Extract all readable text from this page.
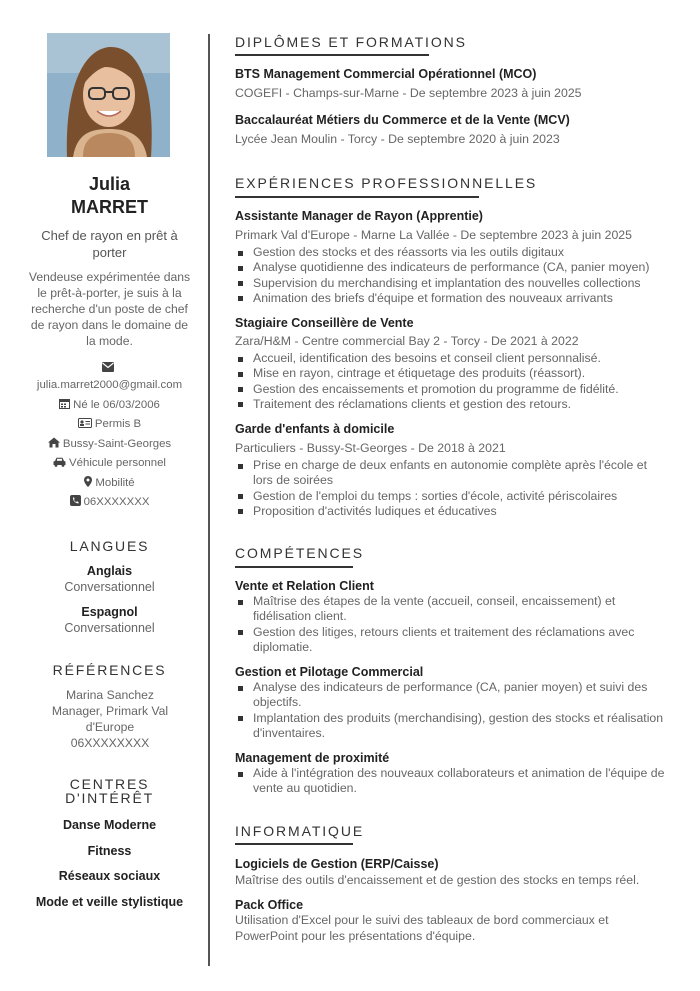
Julia
MARRET
Chef de rayon en prêt à porter
Vendeuse expérimentée dans le prêt-à-porter, je suis à la recherche d'un poste de chef de rayon dans le domaine de la mode.
julia.marret2000@gmail.com
Né le 06/03/2006
Permis B
Bussy-Saint-Georges
Véhicule personnel
Mobilité
06XXXXXXX
LANGUES
Anglais
Conversationnel
Espagnol
Conversationnel
RÉFÉRENCES
Marina Sanchez
Manager, Primark Val d'Europe
06XXXXXXXX
CENTRES
D'INTÉRÊT
Danse Moderne
Fitness
Réseaux sociaux
Mode et veille stylistique
DIPLÔMES ET FORMATIONS
BTS Management Commercial Opérationnel (MCO)
COGEFI - Champs-sur-Marne - De septembre 2023 à juin 2025
Baccalauréat Métiers du Commerce et de la Vente (MCV)
Lycée Jean Moulin - Torcy - De septembre 2020 à juin 2023
EXPÉRIENCES PROFESSIONNELLES
Assistante Manager de Rayon (Apprentie)
Primark Val d'Europe - Marne La Vallée - De septembre 2023 à juin 2025
Gestion des stocks et des réassorts via les outils digitaux
Analyse quotidienne des indicateurs de performance (CA, panier moyen)
Supervision du merchandising et implantation des nouvelles collections
Animation des briefs d'équipe et formation des nouveaux arrivants
Stagiaire Conseillère de Vente
Zara/H&M - Centre commercial Bay 2 - Torcy - De 2021 à 2022
Accueil, identification des besoins et conseil client personnalisé.
Mise en rayon, cintrage et étiquetage des produits (réassort).
Gestion des encaissements et promotion du programme de fidélité.
Traitement des réclamations clients et gestion des retours.
Garde d'enfants à domicile
Particuliers - Bussy-St-Georges - De 2018 à 2021
Prise en charge de deux enfants en autonomie complète après l'école et lors de soirées
Gestion de l'emploi du temps : sorties d'école, activité périscolaires
Proposition d'activités ludiques et éducatives
COMPÉTENCES
Vente et Relation Client
Maîtrise des étapes de la vente (accueil, conseil, encaissement) et fidélisation client.
Gestion des litiges, retours clients et traitement des réclamations avec diplomatie.
Gestion et Pilotage Commercial
Analyse des indicateurs de performance (CA, panier moyen) et suivi des objectifs.
Implantation des produits (merchandising), gestion des stocks et réalisation d'inventaires.
Management de proximité
Aide à l'intégration des nouveaux collaborateurs et animation de l'équipe de vente au quotidien.
INFORMATIQUE
Logiciels de Gestion (ERP/Caisse)
Maîtrise des outils d'encaissement et de gestion des stocks en temps réel.
Pack Office
Utilisation d'Excel pour le suivi des tableaux de bord commerciaux et PowerPoint pour les présentations d'équipe.
